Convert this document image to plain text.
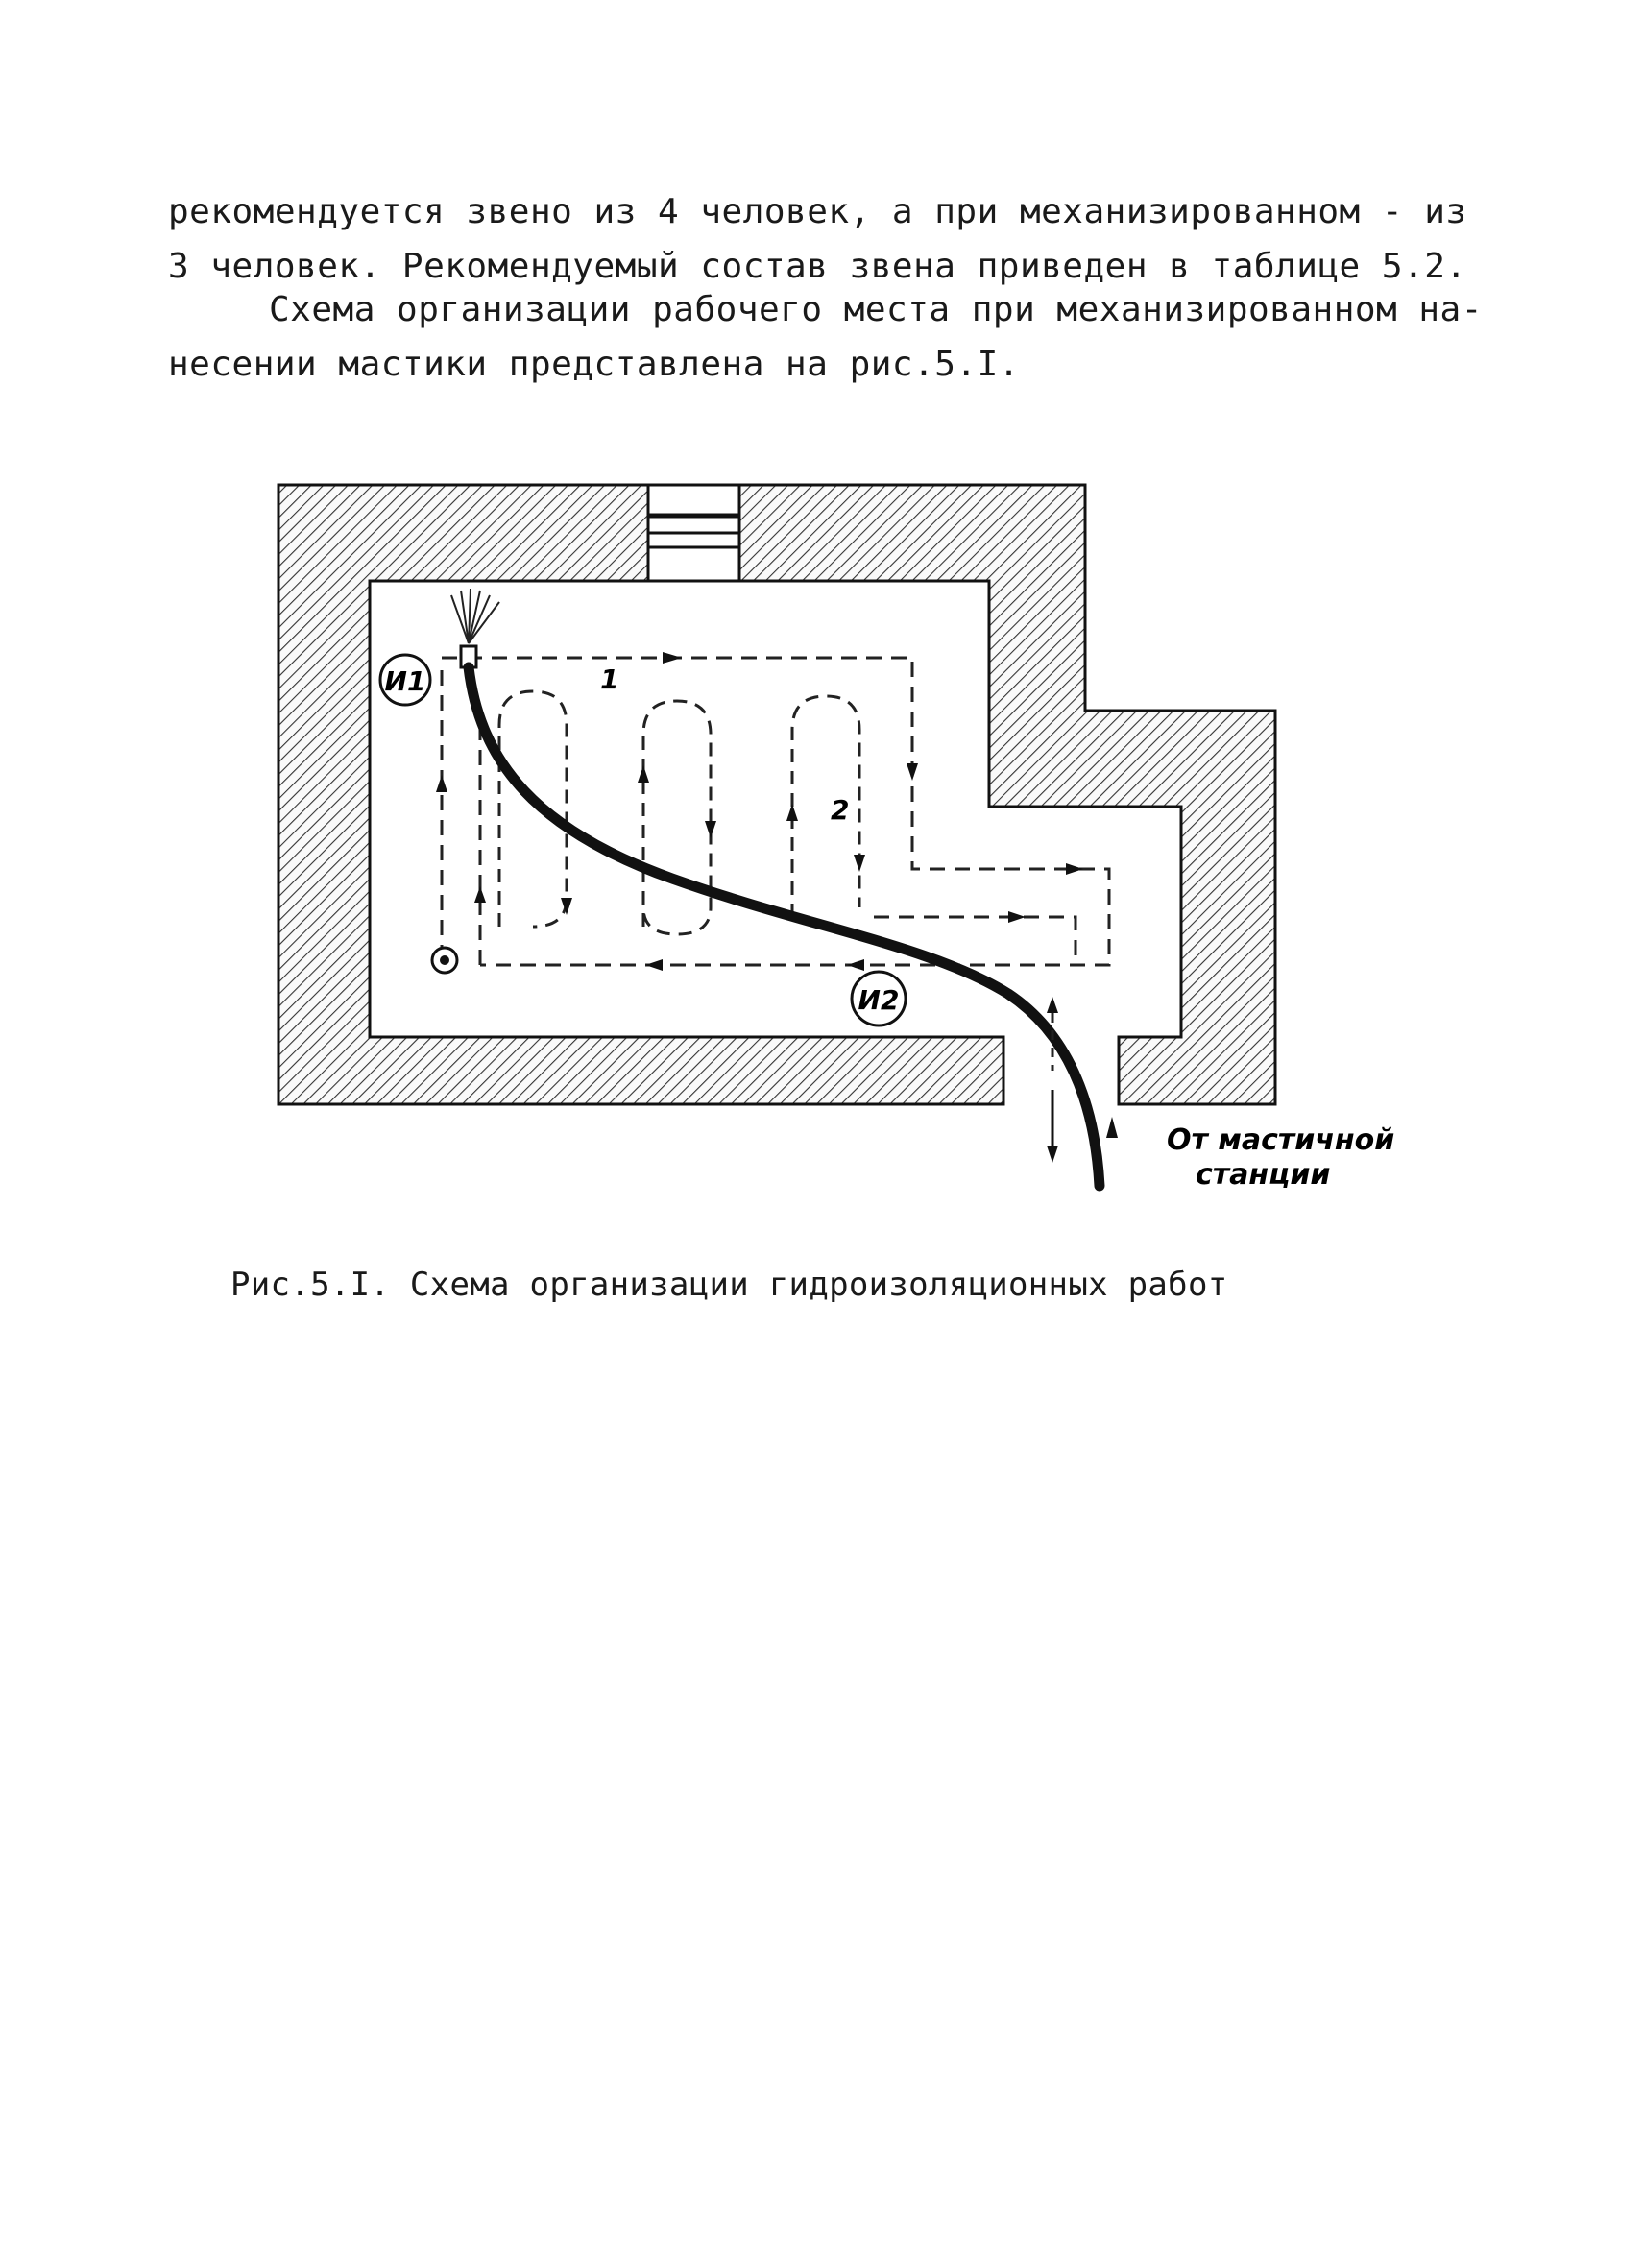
рекомендуется звено из 4 человек, а при механизированном - из
3 человек. Рекомендуемый состав звена приведен в таблице 5.2.
Схема организации рабочего места при механизированном на-
несении мастики представлена на рис.5.I.
И1
И2
1
2
От мастичной
станции

Рис.5.I. Схема организации гидроизоляционных работ
